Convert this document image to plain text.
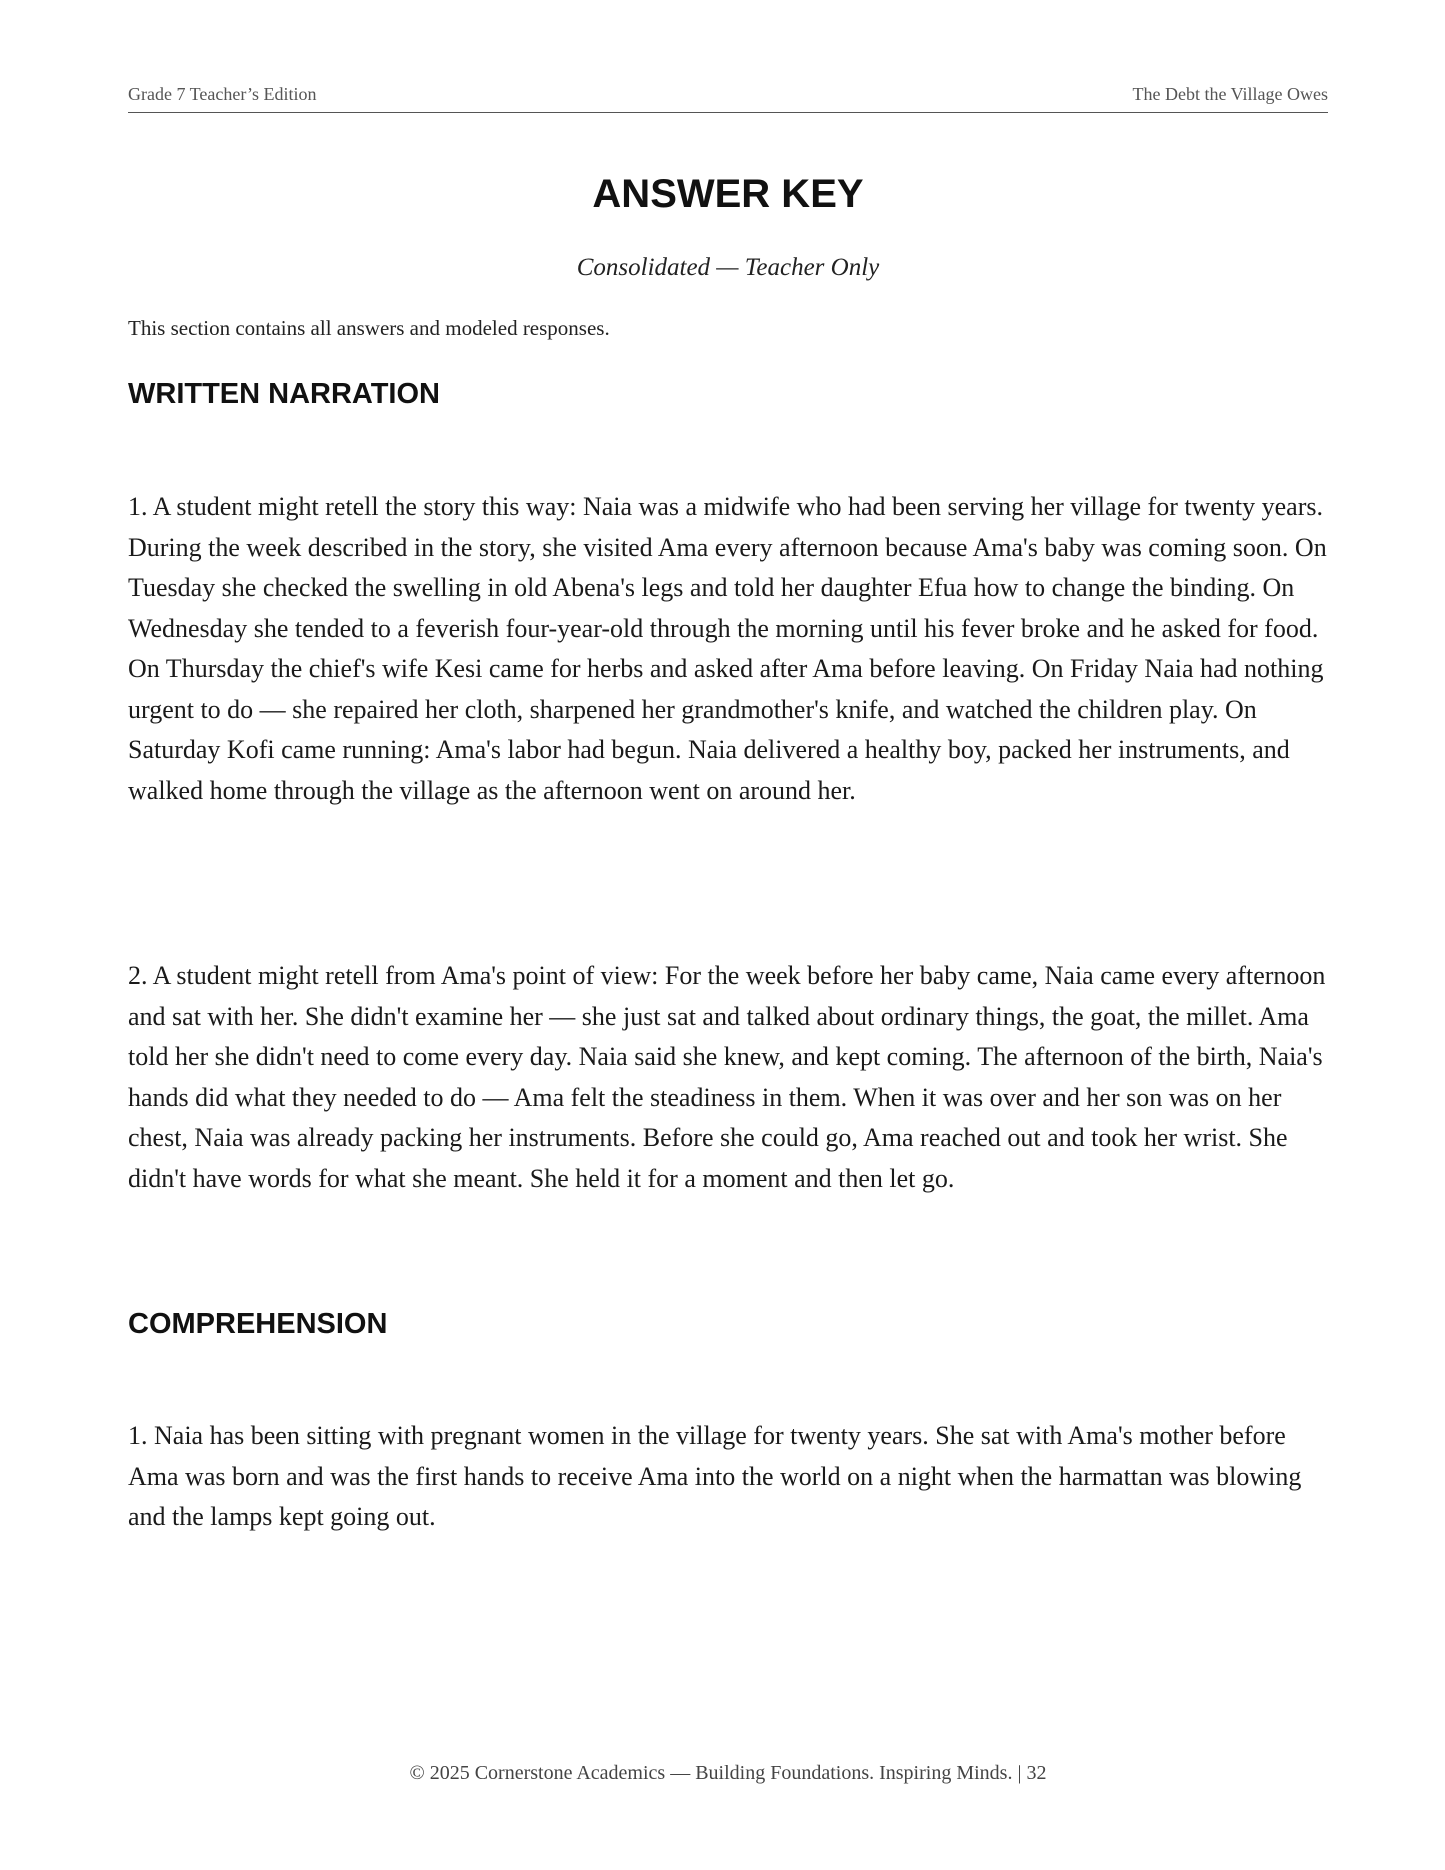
Grade 7 Teacher’s Edition	The Debt the Village Owes
ANSWER KEY
Consolidated — Teacher Only
This section contains all answers and modeled responses.
WRITTEN NARRATION

1. A student might retell the story this way: Naia was a midwife who had been serving her village for twenty years. During the week described in the story, she visited Ama every afternoon because Ama's baby was coming soon. On Tuesday she checked the swelling in old Abena's legs and told her daughter Efua how to change the binding. On Wednesday she tended to a feverish four-year-old through the morning until his fever broke and he asked for food. On Thursday the chief's wife Kesi came for herbs and asked after Ama before leaving. On Friday Naia had nothing urgent to do — she repaired her cloth, sharpened her grandmother's knife, and watched the children play. On Saturday Kofi came running: Ama's labor had begun. Naia delivered a healthy boy, packed her instruments, and walked home through the village as the afternoon went on around her.

2. A student might retell from Ama's point of view: For the week before her baby came, Naia came every afternoon and sat with her. She didn't examine her — she just sat and talked about ordinary things, the goat, the millet. Ama told her she didn't need to come every day. Naia said she knew, and kept coming. The afternoon of the birth, Naia's hands did what they needed to do — Ama felt the steadiness in them. When it was over and her son was on her chest, Naia was already packing her instruments. Before she could go, Ama reached out and took her wrist. She didn't have words for what she meant. She held it for a moment and then let go.

COMPREHENSION

1. Naia has been sitting with pregnant women in the village for twenty years. She sat with Ama's mother before Ama was born and was the first hands to receive Ama into the world on a night when the harmattan was blowing and the lamps kept going out.

© 2025 Cornerstone Academics — Building Foundations. Inspiring Minds. | 32
